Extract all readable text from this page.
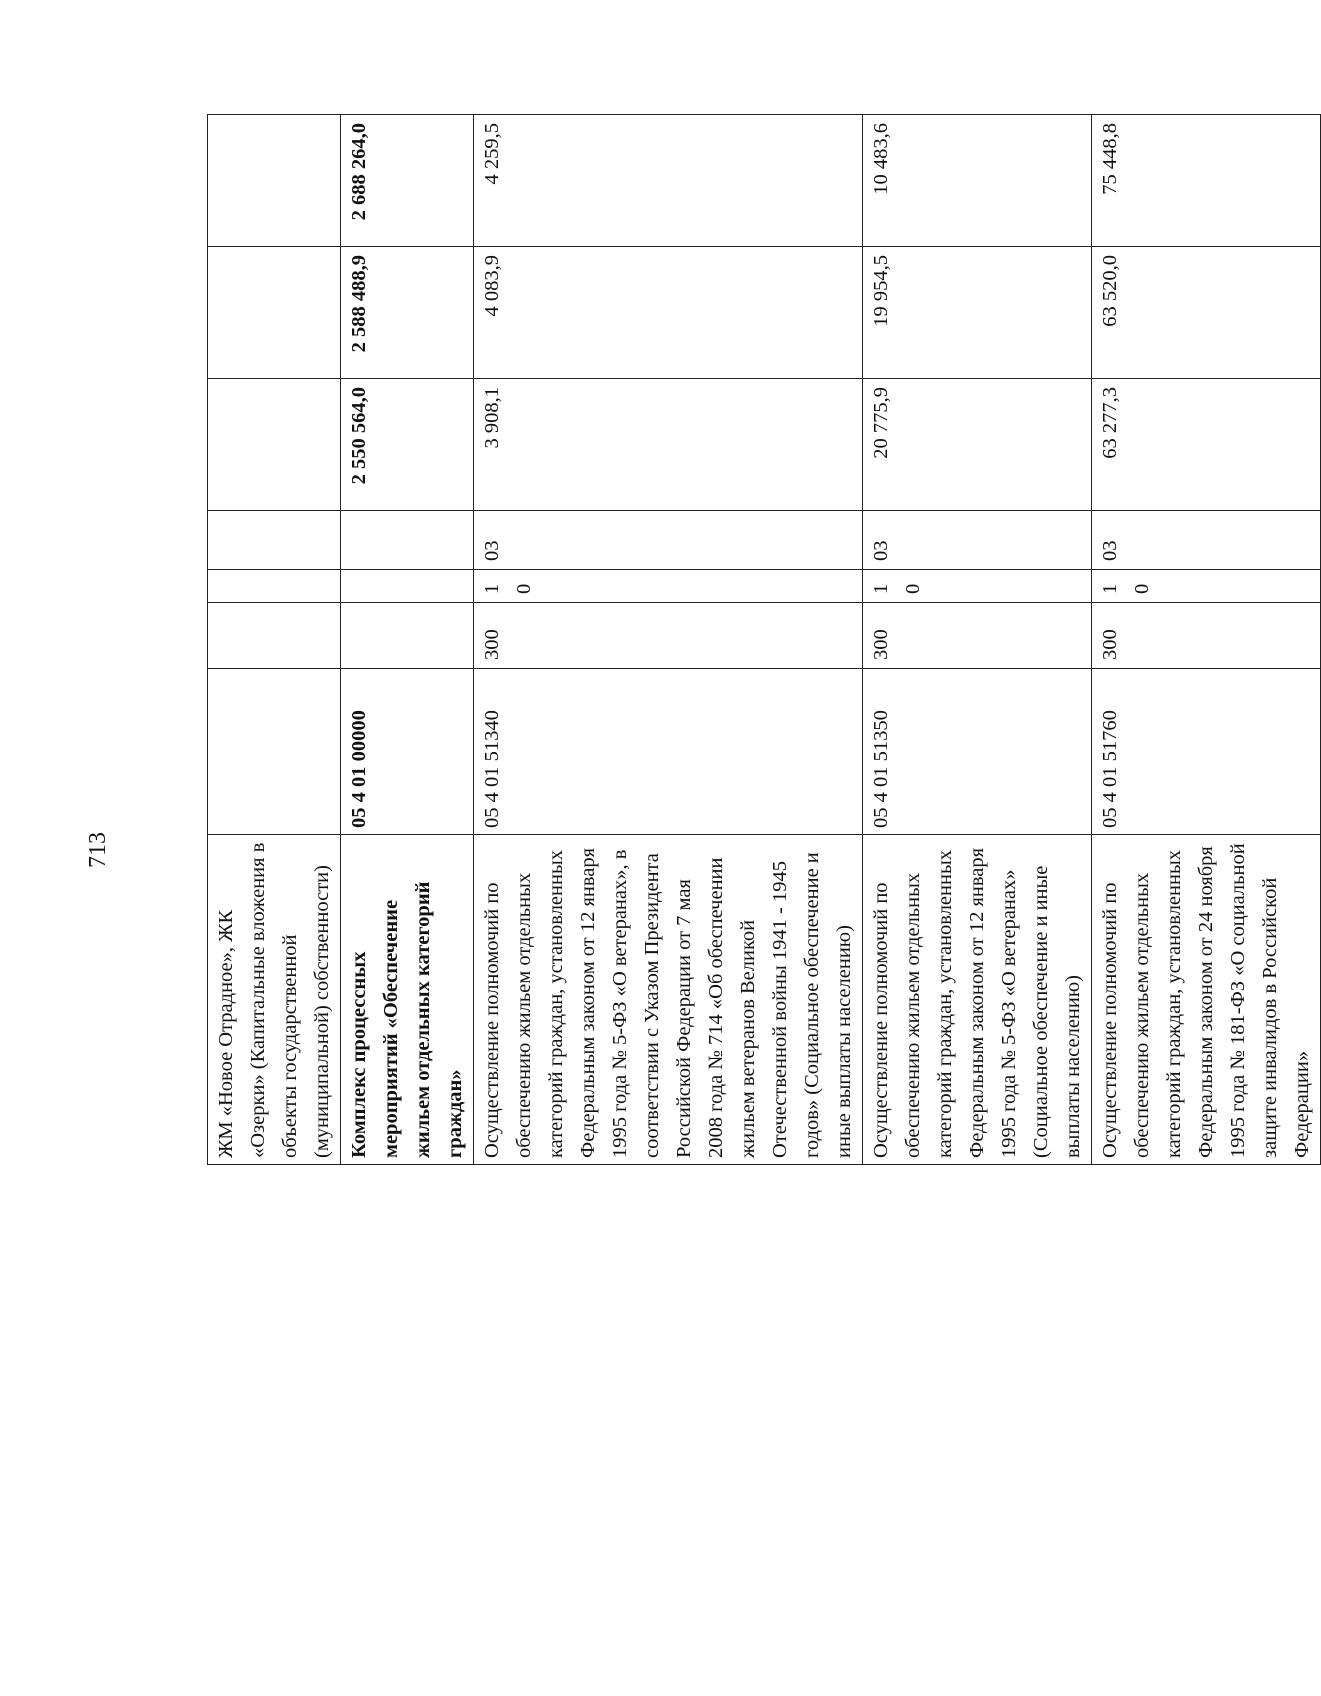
713
ЖМ «Новое Отрадное», ЖК «Озерки» (Капитальные вложения в объекты государственной (муниципальной) собственности)							
Комплекс процессных мероприятий «Обеспечение жильем отдельных категорий граждан»	05 4 01 00000				2 550 564,0	2 588 488,9	2 688 264,0
Осуществление полномочий по обеспечению жильем отдельных категорий граждан, установленных Федеральным законом от 12 января 1995 года № 5-ФЗ «О ветеранах», в соответствии с Указом Президента Российской Федерации от 7 мая 2008 года № 714 «Об обеспечении жильем ветеранов Великой Отечественной войны 1941 - 1945 годов» (Социальное обеспечение и иные выплаты населению)	05 4 01 51340	300	10	03	3 908,1	4 083,9	4 259,5
Осуществление полномочий по обеспечению жильем отдельных категорий граждан, установленных Федеральным законом от 12 января 1995 года № 5-ФЗ «О ветеранах» (Социальное обеспечение и иные выплаты населению)	05 4 01 51350	300	10	03	20 775,9	19 954,5	10 483,6
Осуществление полномочий по обеспечению жильем отдельных категорий граждан, установленных Федеральным законом от 24 ноября 1995 года № 181-ФЗ «О социальной защите инвалидов в Российской Федерации»	05 4 01 51760	300	10	03	63 277,3	63 520,0	75 448,8
